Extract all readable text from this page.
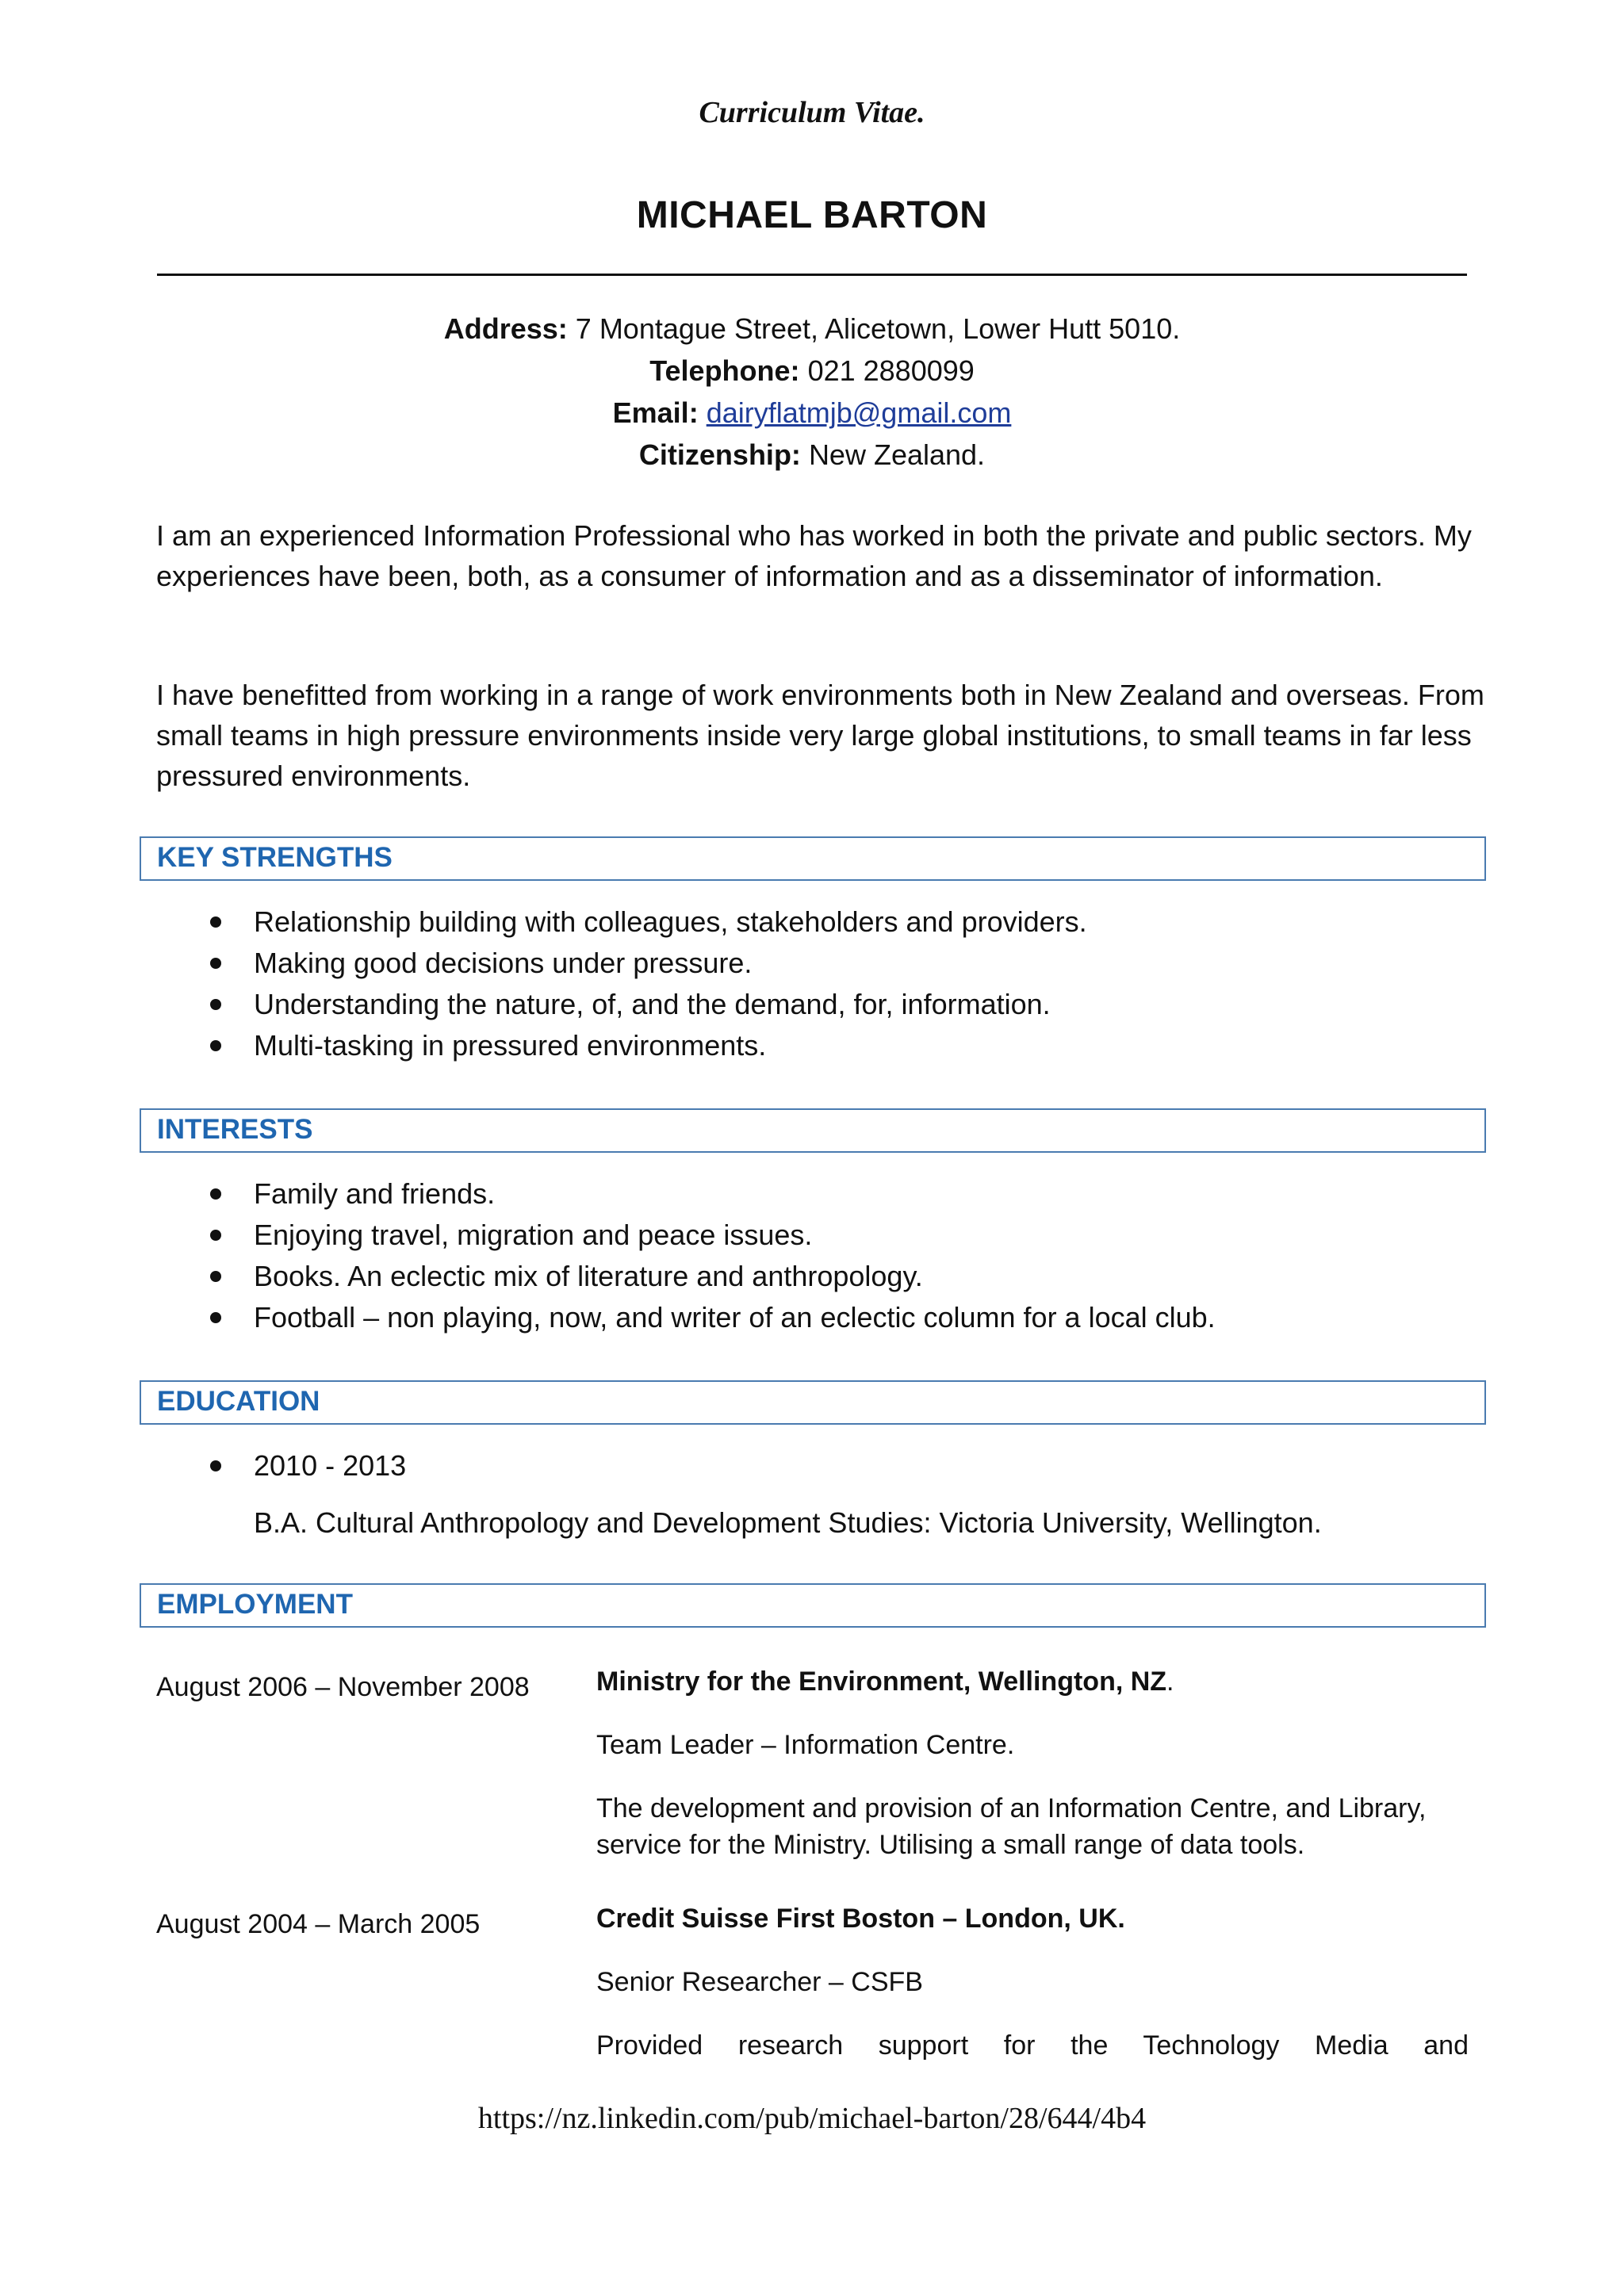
Curriculum Vitae.
MICHAEL BARTON
Address: 7 Montague Street, Alicetown, Lower Hutt 5010.
Telephone: 021 2880099
Email: dairyflatmjb@gmail.com
Citizenship: New Zealand.

I am an experienced Information Professional who has worked in both the private and public sectors. My experiences have been, both, as a consumer of information and as a disseminator of information.

I have benefitted from working in a range of work environments both in New Zealand and overseas. From small teams in high pressure environments inside very large global institutions, to small teams in far less pressured environments.

KEY STRENGTHS
Relationship building with colleagues, stakeholders and providers.
Making good decisions under pressure.
Understanding the nature, of, and the demand, for, information.
Multi-tasking in pressured environments.
INTERESTS
Family and friends.
Enjoying travel, migration and peace issues.
Books. An eclectic mix of literature and anthropology.
Football – non playing, now, and writer of an eclectic column for a local club.
EDUCATION
2010 - 2013
B.A. Cultural Anthropology and Development Studies: Victoria University, Wellington.
EMPLOYMENT
August 2006 – November 2008 Ministry for the Environment, Wellington, NZ.

Team Leader – Information Centre.

The development and provision of an Information Centre, and Library, service for the Ministry. Utilising a small range of data tools.

August 2004 – March 2005	Credit Suisse First Boston – London, UK.

Senior Researcher – CSFB

Provided research support for the Technology Media and

https://nz.linkedin.com/pub/michael-barton/28/644/4b4
